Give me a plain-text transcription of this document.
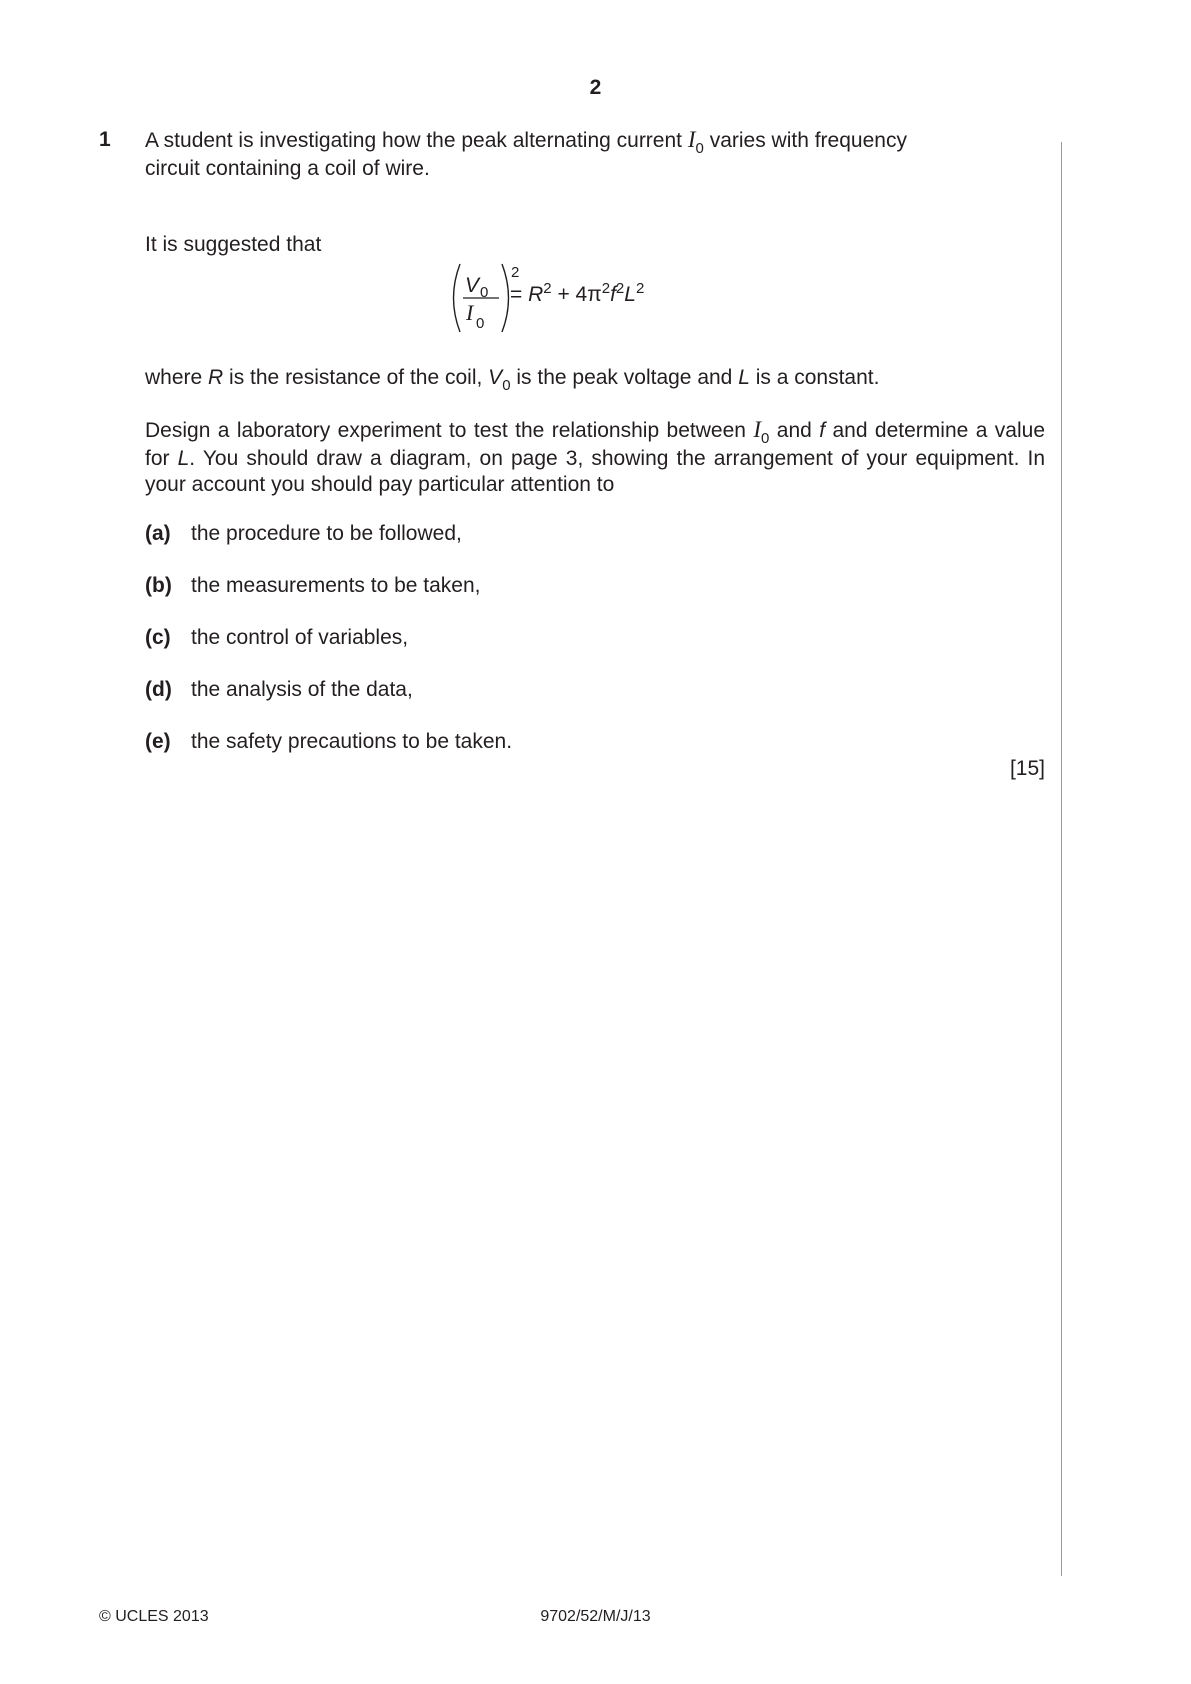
2
1 A student is investigating how the peak alternating current $I_0$ varies with frequency
circuit containing a coil of wire.
It is suggested that
V 0
I 0
2
= $R^2 + 4\pi^2f^2L^2$
where R is the resistance of the coil, $V_0$ is the peak voltage and L is a constant.
Design a laboratory experiment to test the relationship between $I_0$ and f and determine a value for L. You should draw a diagram, on page 3, showing the arrangement of your equipment. In your account you should pay particular attention to
(a) the procedure to be followed,
(b) the measurements to be taken,
(c) the control of variables,
(d) the analysis of the data,
(e) the safety precautions to be taken.
[15]
© UCLES 2013	9702/52/M/J/13
